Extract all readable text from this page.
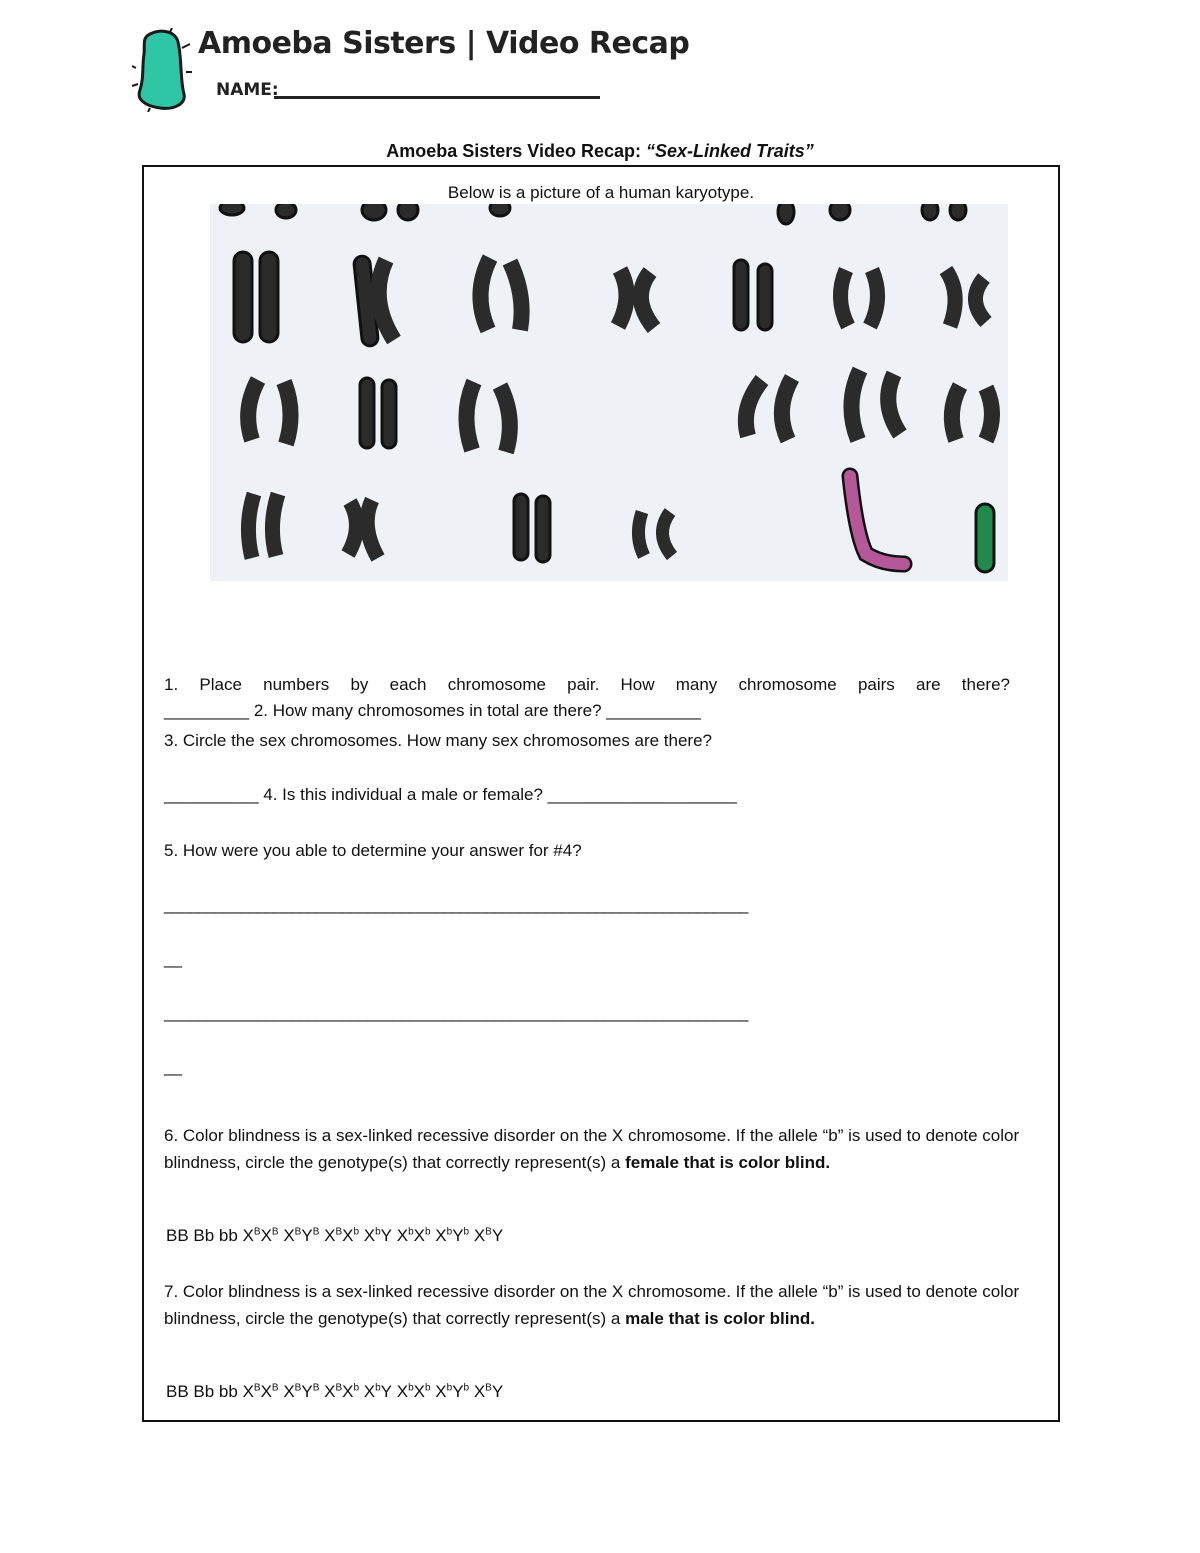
Amoeba Sisters | Video Recap
NAME:
Amoeba Sisters Video Recap: “Sex-Linked Traits”
Below is a picture of a human karyotype.
1. Place numbers by each chromosome pair. How many chromosome pairs are there?
_________ 2. How many chromosomes in total are there? __________
3. Circle the sex chromosomes. How many sex chromosomes are there?
__________ 4. Is this individual a male or female? ____________________
5. How were you able to determine your answer for #4?
_____________________________________________________________________
__
_____________________________________________________________________
__
6. Color blindness is a sex-linked recessive disorder on the X chromosome. If the allele “b” is used to denote color blindness, circle the genotype(s) that correctly represent(s) a female that is color blind.
BB Bb bb $X^BX^B$ $X^BY^B$ $X^BX^b$ $X^bY$ $X^bX^b$ $X^bY^b$ $X^BY$
7. Color blindness is a sex-linked recessive disorder on the X chromosome. If the allele “b” is used to denote color blindness, circle the genotype(s) that correctly represent(s) a male that is color blind.
BB Bb bb $X^BX^B$ $X^BY^B$ $X^BX^b$ $X^bY$ $X^bX^b$ $X^bY^b$ $X^BY$
